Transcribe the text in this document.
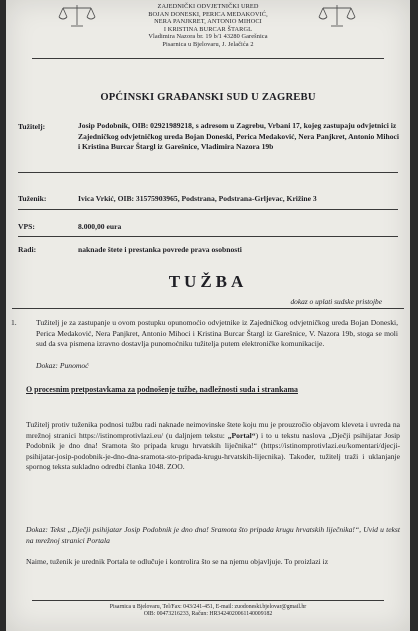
ZAJEDNIČKI ODVJETNIČKI URED
BOJAN DONESKI, PERICA MEDAKOVIĆ,
NERA PANJKRET, ANTONIO MIHOCI
I KRISTINA BURCAR ŠTARGL
Vladimira Nazora br. 19 b/1 43280 Garešnica
Pisarnica u Bjelovaru, J. Jelačića 2
OPĆINSKI GRAĐANSKI SUD U ZAGREBU
Tužitelj:	Josip Podobnik, OIB: 02921989218, s adresom u Zagrebu, Vrbani 17, kojeg zastupaju odvjetnici iz Zajedničkog odvjetničkog ureda Bojan Doneski, Perica Medaković, Nera Panjkret, Antonio Mihoci i Kristina Burcar Štargl iz Garešnice, Vladimira Nazora 19b
Tuženik:	Ivica Vrkić, OIB: 31575903965, Podstrana, Podstrana-Grljevac, Križine 3
VPS:	8.000,00 eura
Radi:	naknade štete i prestanka povrede prava osobnosti
TUŽBA
dokaz o uplati sudske pristojbe
1.	Tužitelj je za zastupanje u ovom postupku opunomoćio odvjetnike iz Zajedničkog odvjetničkog ureda Bojan Doneski, Perica Medaković, Nera Panjkret, Antonio Mihoci i Kristina Burcar Štargl iz Garešnice, V. Nazora 19b, stoga se moli sud da sva pismena izravno dostavlja punomoćniku tužitelja putem elektroničke komunikacije.
Dokaz: Punomoć
O procesnim pretpostavkama za podnošenje tužbe, nadležnosti suda i strankama
Tužitelj protiv tuženika podnosi tužbu radi naknade neimovinske štete koju mu je prouzročio objavom kleveta i uvreda na mrežnoj stranici https://istinomprotivlazi.eu/ (u daljnjem tekstu: „Portal“) i to u tekstu naslova „Dječji psihijatar Josip Podobnik je dno dna! Sramota što pripada krugu hrvatskih liječnika!“ (https://istinomprotivlazi.eu/komentari/djecji-psihijatar-josip-podobnik-je-dno-dna-sramota-sto-pripada-krugu-hrvatskih-lijecnika). Također, tužitelj traži i uklanjanje spornog teksta sukladno odredbi članka 1048. ZOO.
Dokaz: Tekst „Dječji psihijatar Josip Podobnik je dno dna! Sramota što pripada krugu hrvatskih liječnika!“, Uvid u tekst na mrežnoj stranici Portala
Naime, tuženik je urednik Portala te odlučuje i kontrolira što se na njemu objavljuje. To proizlazi iz
Pisarnica u Bjelovaru, Tel/Fax: 043/241-451, E-mail: zuodoneski.bjelovar@gmail.hr
OIB: 00473216233, Račun: HR3424020061140009182
